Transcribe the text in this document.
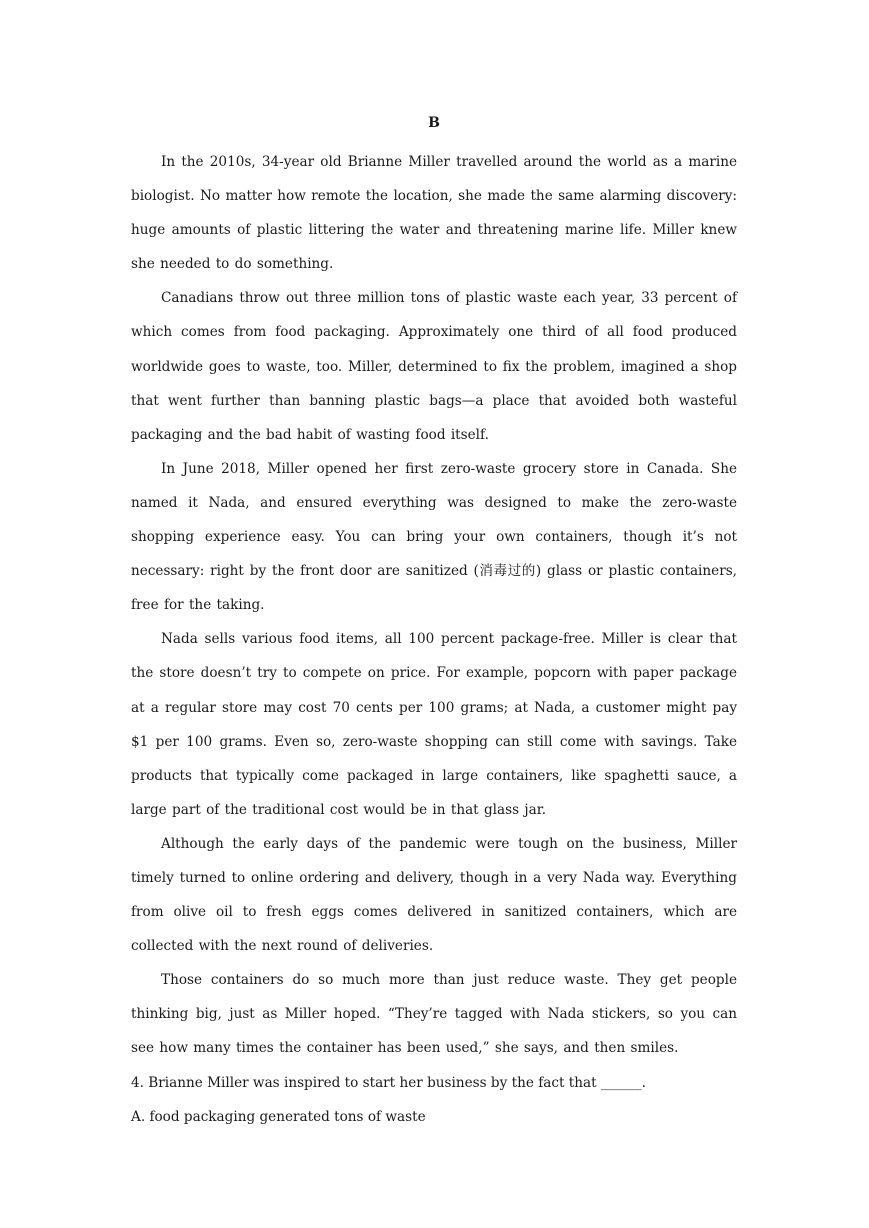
B

In the 2010s, 34-year old Brianne Miller travelled around the world as a marine biologist. No matter how remote the location, she made the same alarming discovery: huge amounts of plastic littering the water and threatening marine life. Miller knew she needed to do something.

Canadians throw out three million tons of plastic waste each year, 33 percent of which comes from food packaging. Approximately one third of all food produced worldwide goes to waste, too. Miller, determined to fix the problem, imagined a shop that went further than banning plastic bags—a place that avoided both wasteful packaging and the bad habit of wasting food itself.

In June 2018, Miller opened her first zero-waste grocery store in Canada. She named it Nada, and ensured everything was designed to make the zero-waste shopping experience easy. You can bring your own containers, though it’s not necessary: right by the front door are sanitized (消毒过的) glass or plastic containers, free for the taking.

Nada sells various food items, all 100 percent package-free. Miller is clear that the store doesn’t try to compete on price. For example, popcorn with paper package at a regular store may cost 70 cents per 100 grams; at Nada, a customer might pay $1 per 100 grams. Even so, zero-waste shopping can still come with savings. Take products that typically come packaged in large containers, like spaghetti sauce, a large part of the traditional cost would be in that glass jar.

Although the early days of the pandemic were tough on the business, Miller timely turned to online ordering and delivery, though in a very Nada way. Everything from olive oil to fresh eggs comes delivered in sanitized containers, which are collected with the next round of deliveries.

Those containers do so much more than just reduce waste. They get people thinking big, just as Miller hoped. “They’re tagged with Nada stickers, so you can see how many times the container has been used,” she says, and then smiles.

4. Brianne Miller was inspired to start her business by the fact that ______.

A. food packaging generated tons of waste
